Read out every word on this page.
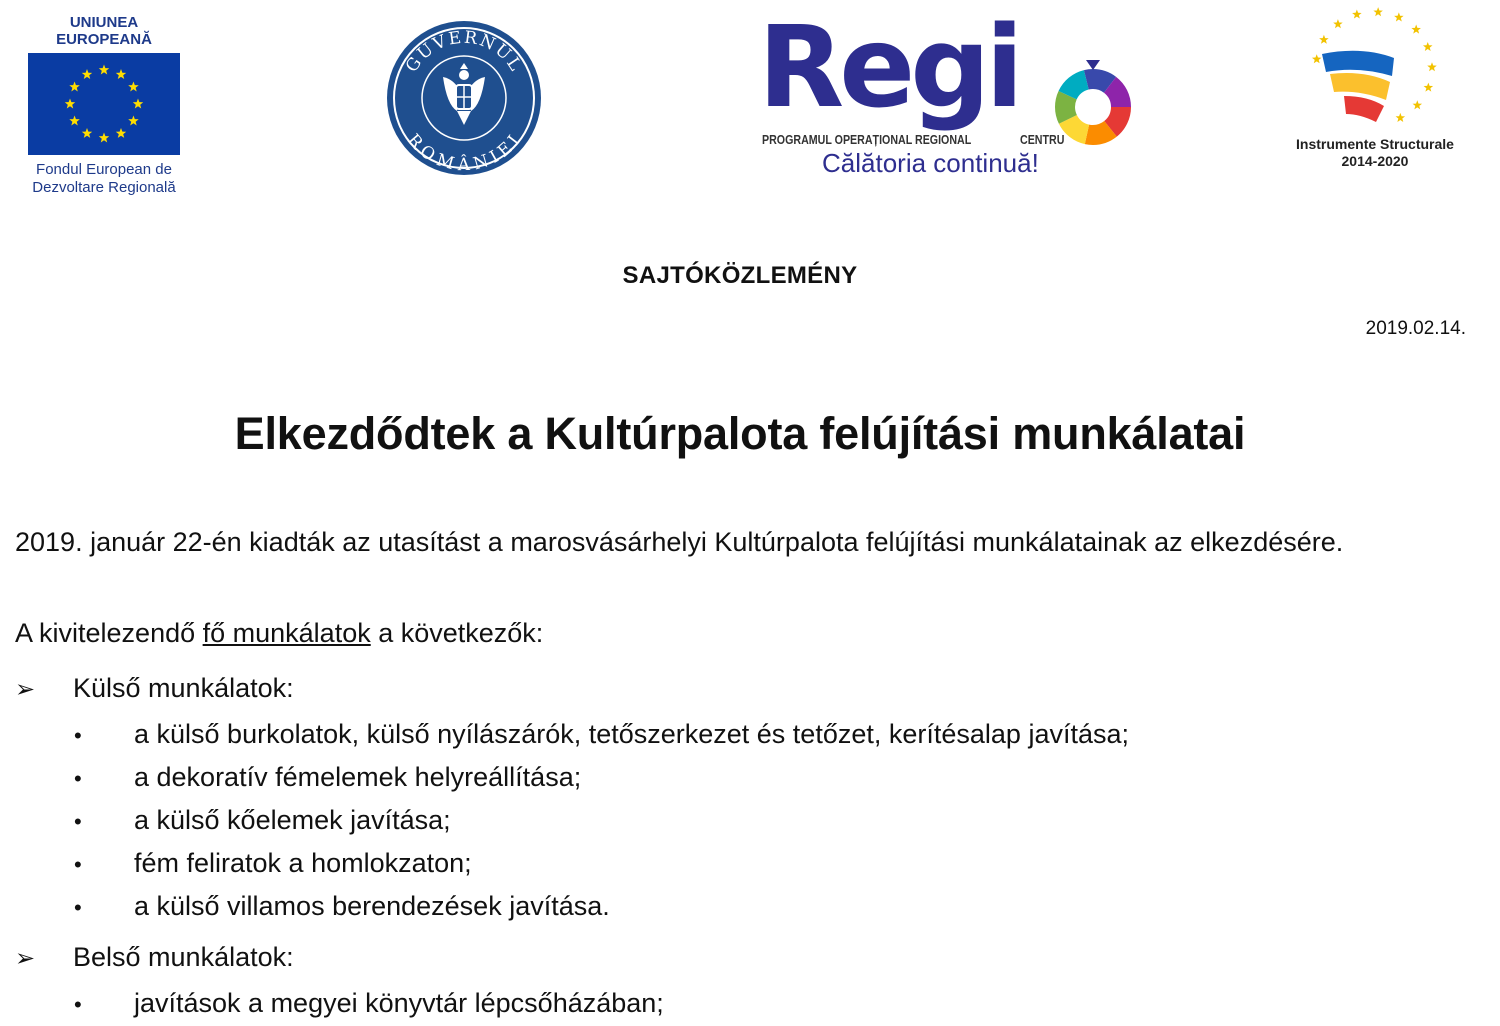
UNIUNEA EUROPEANĂ
Fondul European de
Dezvoltare Regională
GUVERNUL
ROMÂNIEI
Regi
PROGRAMUL OPERAȚIONAL REGIONAL	CENTRU
Călătoria continuă!
Instrumente Structurale
2014-2020
SAJTÓKÖZLEMÉNY
2019.02.14.
Elkezdődtek a Kultúrpalota felújítási munkálatai
2019. január 22-én kiadták az utasítást a marosvásárhelyi Kultúrpalota felújítási munkálatainak az elkezdésére.
A kivitelezendő fő munkálatok a következők:
➢ Külső munkálatok:
• a külső burkolatok, külső nyílászárók, tetőszerkezet és tetőzet, kerítésalap javítása;
• a dekoratív fémelemek helyreállítása;
• a külső kőelemek javítása;
• fém feliratok a homlokzaton;
• a külső villamos berendezések javítása.
➢ Belső munkálatok:
• javítások a megyei könyvtár lépcsőházában;
